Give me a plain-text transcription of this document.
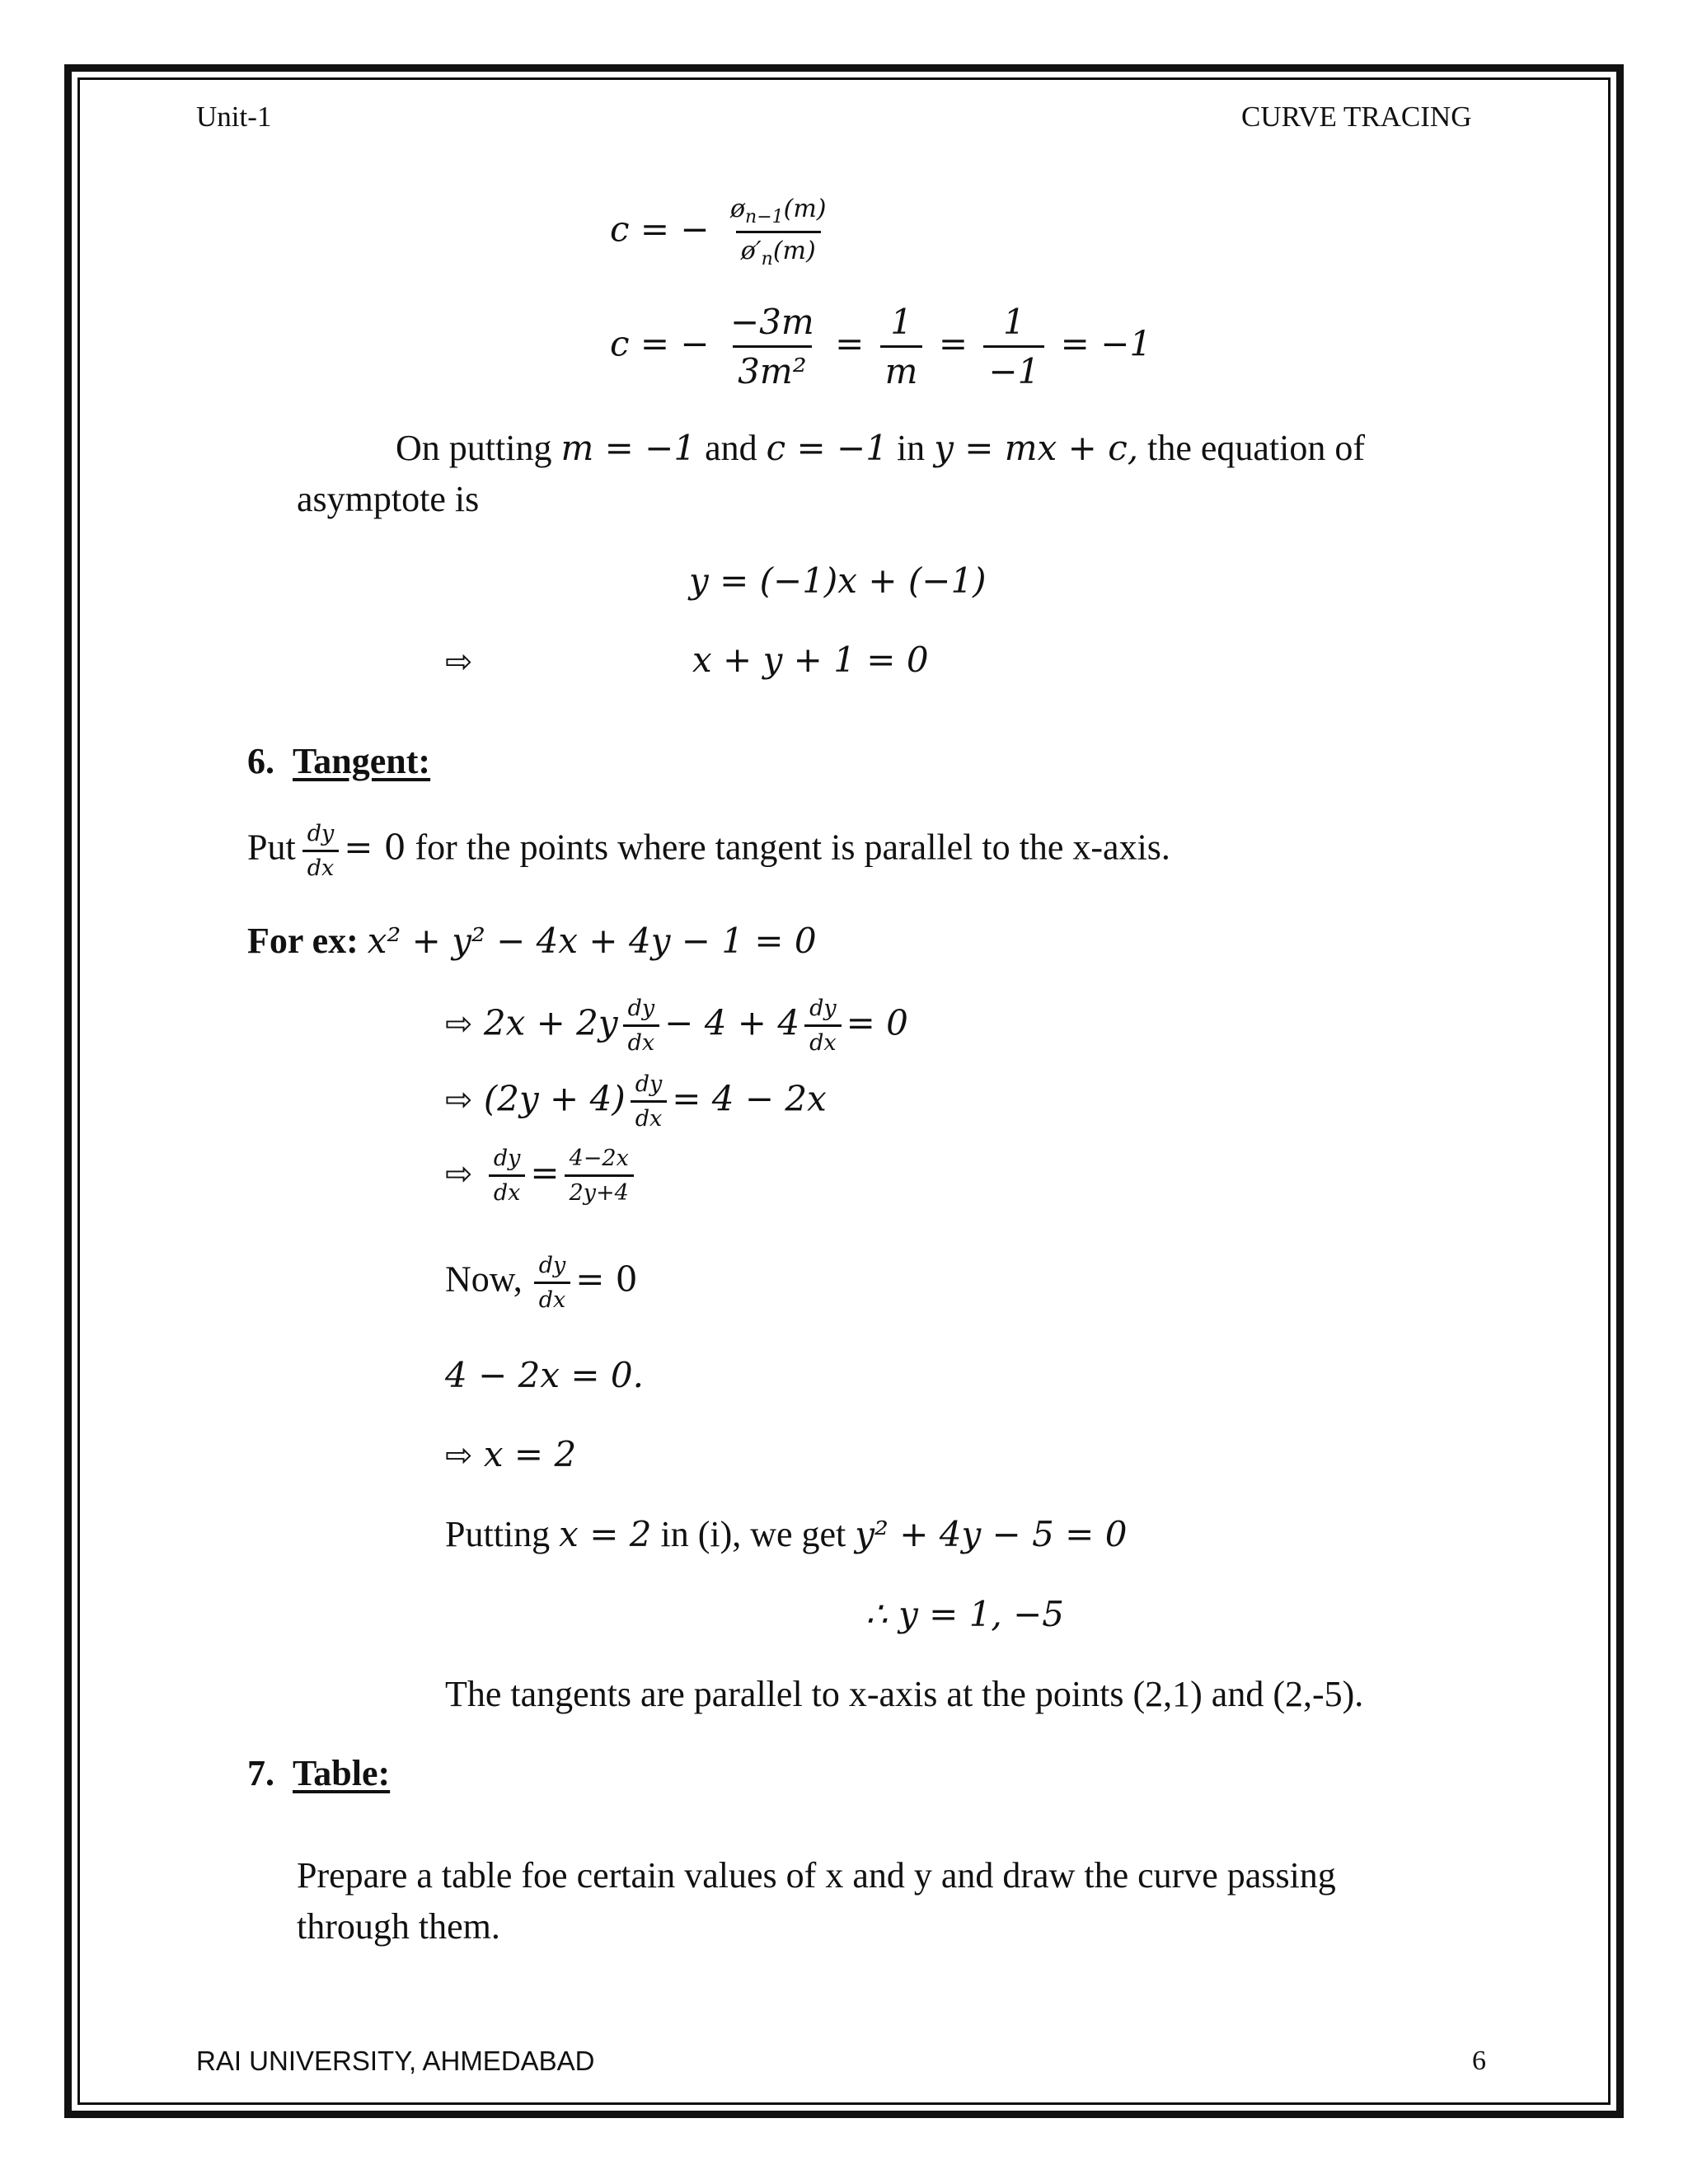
Unit-1	CURVE TRACING
c = − $\frac{ø_{n-1}(m)}{ø'_n(m)}$
c = − $\frac{-3m}{\text{3m²}} = \frac{1}{m} = \frac{1}{-1} = -1$
On putting m = −1 and c = −1 in y = mx + c, the equation of
asymptote is
y = (−1)x + (−1)
⇨	x + y + 1 = 0
6. Tangent:
Put $\frac{dy}{dx} = 0$ for the points where tangent is parallel to the x-axis.
For ex: x² + y² − 4x + 4y − 1 = 0
⇨ $2x + 2y \frac{dy}{dx} - 4 + 4 \frac{dy}{dx} = 0$
⇨ $(2y + 4) \frac{dy}{dx} = 4 - 2x$
⇨ $\frac{dy}{dx} = \frac{4-2x}{2y+4}$
Now, $\frac{dy}{dx} = 0$
4 − 2x = 0.
⇨ x = 2
Putting x = 2 in (i), we get y² + 4y − 5 = 0
∴ y = 1, −5
The tangents are parallel to x-axis at the points (2,1) and (2,-5).
7. Table:
Prepare a table foe certain values of x and y and draw the curve passing
through them.
RAI UNIVERSITY, AHMEDABAD	6
